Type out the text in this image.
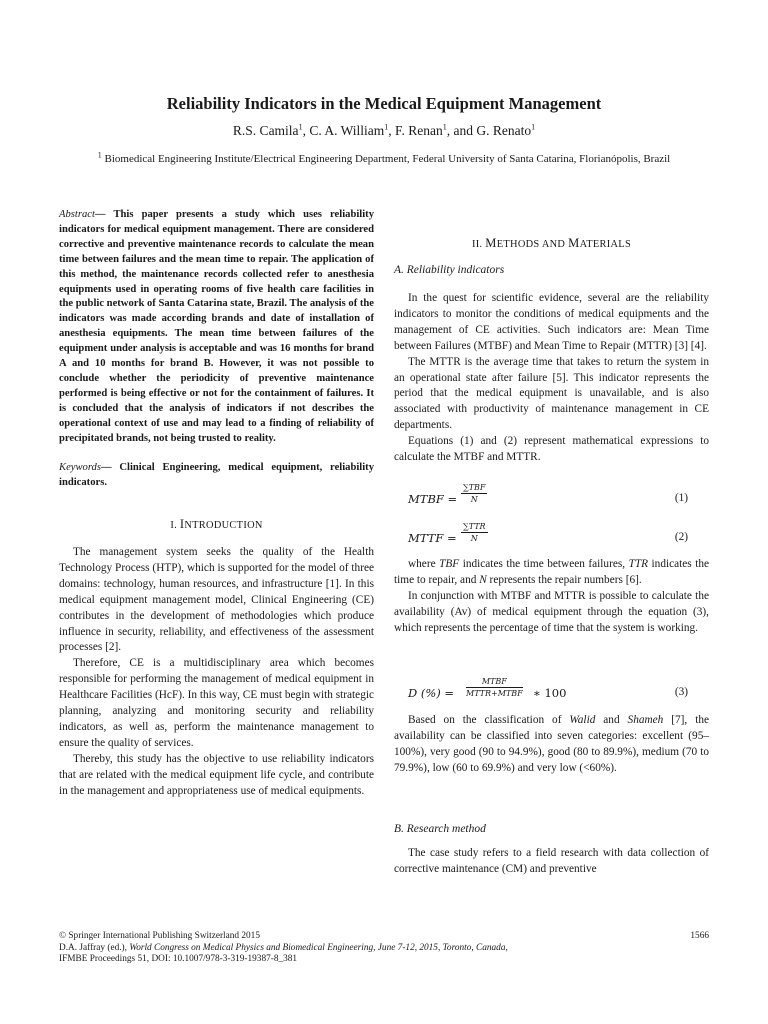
Reliability Indicators in the Medical Equipment Management
R.S. Camila$^1$, C. A. William$^1$, F. Renan$^1$, and G. Renato$^1$
$^1$ Biomedical Engineering Institute/Electrical Engineering Department, Federal University of Santa Catarina, Florianópolis, Brazil
Abstract— This paper presents a study which uses reliability indicators for medical equipment management. There are considered corrective and preventive maintenance records to calculate the mean time between failures and the mean time to repair. The application of this method, the maintenance records collected refer to anesthesia equipments used in operating rooms of five health care facilities in the public network of Santa Catarina state, Brazil. The analysis of the indicators was made according brands and date of installation of anesthesia equipments. The mean time between failures of the equipment under analysis is acceptable and was 16 months for brand A and 10 months for brand B. However, it was not possible to conclude whether the periodicity of preventive maintenance performed is being effective or not for the containment of failures. It is concluded that the analysis of indicators if not describes the operational context of use and may lead to a finding of reliability of precipitated brands, not being trusted to reality.
Keywords— Clinical Engineering, medical equipment, reliability indicators.
I. INTRODUCTION

The management system seeks the quality of the Health Technology Process (HTP), which is supported for the model of three domains: technology, human resources, and infrastructure [1]. In this medical equipment management model, Clinical Engineering (CE) contributes in the development of methodologies which produce influence in security, reliability, and effectiveness of the assessment processes [2].

Therefore, CE is a multidisciplinary area which becomes responsible for performing the management of medical equipment in Healthcare Facilities (HcF). In this way, CE must begin with strategic planning, analyzing and monitoring security and reliability indicators, as well as, perform the maintenance management to ensure the quality of services.

Thereby, this study has the objective to use reliability indicators that are related with the medical equipment life cycle, and contribute in the management and appropriateness use of medical equipments.

II. METHODS AND MATERIALS
A. Reliability indicators

In the quest for scientific evidence, several are the reliability indicators to monitor the conditions of medical equipments and the management of CE activities. Such indicators are: Mean Time between Failures (MTBF) and Mean Time to Repair (MTTR) [3] [4].

The MTTR is the average time that takes to return the system in an operational state after failure [5]. This indicator represents the period that the medical equipment is unavailable, and is also associated with productivity of maintenance management in CE departments.

Equations (1) and (2) represent mathematical expressions to calculate the MTBF and MTTR.

MTBF =
∑TBF
N	(1)
MTTF =
∑TTR
N	(2)

where TBF indicates the time between failures, TTR indicates the time to repair, and N represents the repair numbers [6].

In conjunction with MTBF and MTTR is possible to calculate the availability (Av) of medical equipment through the equation (3), which represents the percentage of time that the system is working.

D (%) =
MTBF
MTTR+MTBF ∗ 100	(3)

Based on the classification of Walid and Shameh [7], the availability can be classified into seven categories: excellent (95–100%), very good (90 to 94.9%), good (80 to 89.9%), medium (70 to 79.9%), low (60 to 69.9%) and very low (<60%).

B. Research method

The case study refers to a field research with data collection of corrective maintenance (CM) and preventive

© Springer International Publishing Switzerland 2015
D.A. Jaffray (ed.), World Congress on Medical Physics and Biomedical Engineering, June 7-12, 2015, Toronto, Canada,
IFMBE Proceedings 51, DOI: 10.1007/978-3-319-19387-8_381
1566
